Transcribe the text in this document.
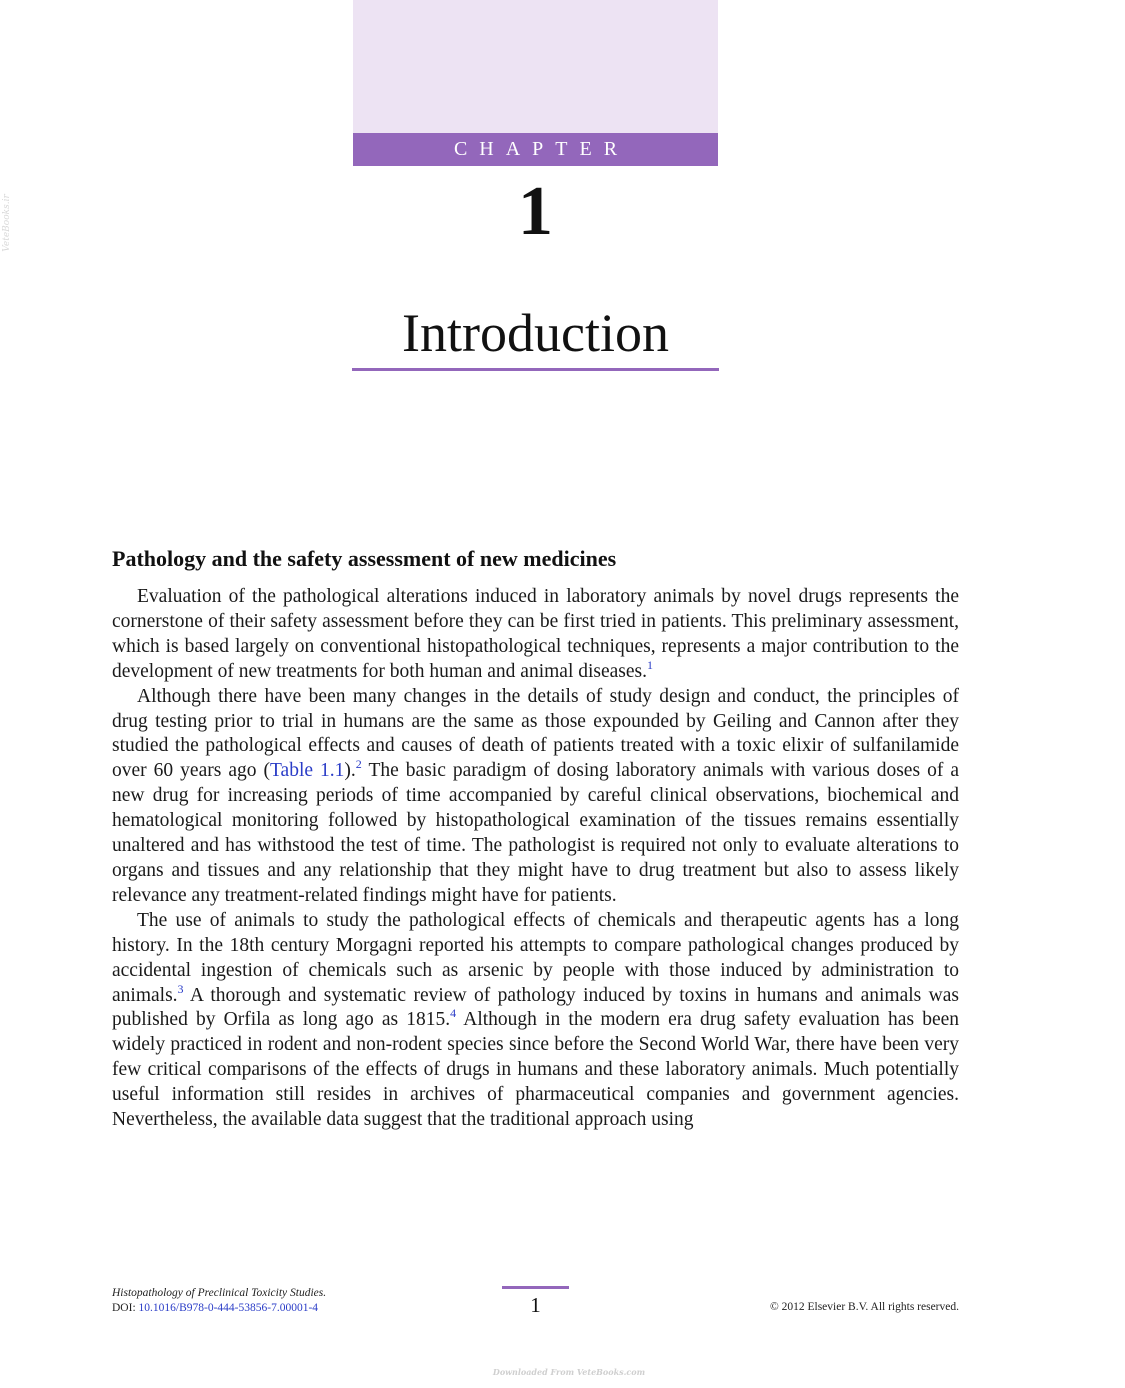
CHAPTER
1
Introduction
Pathology and the safety assessment of new medicines

Evaluation of the pathological alterations induced in laboratory animals by novel drugs represents the cornerstone of their safety assessment before they can be first tried in patients. This preliminary assessment, which is based largely on conventional histopathological techniques, represents a major contribution to the development of new treatments for both human and animal diseases.$^1$

Although there have been many changes in the details of study design and conduct, the principles of drug testing prior to trial in humans are the same as those expounded by Geiling and Cannon after they studied the pathological effects and causes of death of patients treated with a toxic elixir of sulfanilamide over 60 years ago (Table 1.1).$^2$ The basic paradigm of dosing laboratory animals with various doses of a new drug for increasing periods of time accompanied by careful clinical observations, biochemical and hematological monitoring followed by histopathological examination of the tissues remains essentially unaltered and has withstood the test of time. The pathologist is required not only to evaluate alterations to organs and tissues and any relationship that they might have to drug treatment but also to assess likely relevance any treatment-related findings might have for patients.

The use of animals to study the pathological effects of chemicals and therapeutic agents has a long history. In the 18th century Morgagni reported his attempts to compare pathological changes produced by accidental ingestion of chemicals such as arsenic by people with those induced by administration to animals.$^3$ A thorough and systematic review of pathology induced by toxins in humans and animals was published by Orfila as long ago as 1815.$^4$ Although in the modern era drug safety evaluation has been widely practiced in rodent and non-rodent species since before the Second World War, there have been very few critical comparisons of the effects of drugs in humans and these laboratory animals. Much potentially useful information still resides in archives of pharmaceutical companies and government agencies. Nevertheless, the available data suggest that the traditional approach using

Histopathology of Preclinical Toxicity Studies.
DOI: 10.1016/B978-0-444-53856-7.00001-4	1	© 2012 Elsevier B.V. All rights reserved.
VeteBooks.ir
Downloaded From VeteBooks.com
